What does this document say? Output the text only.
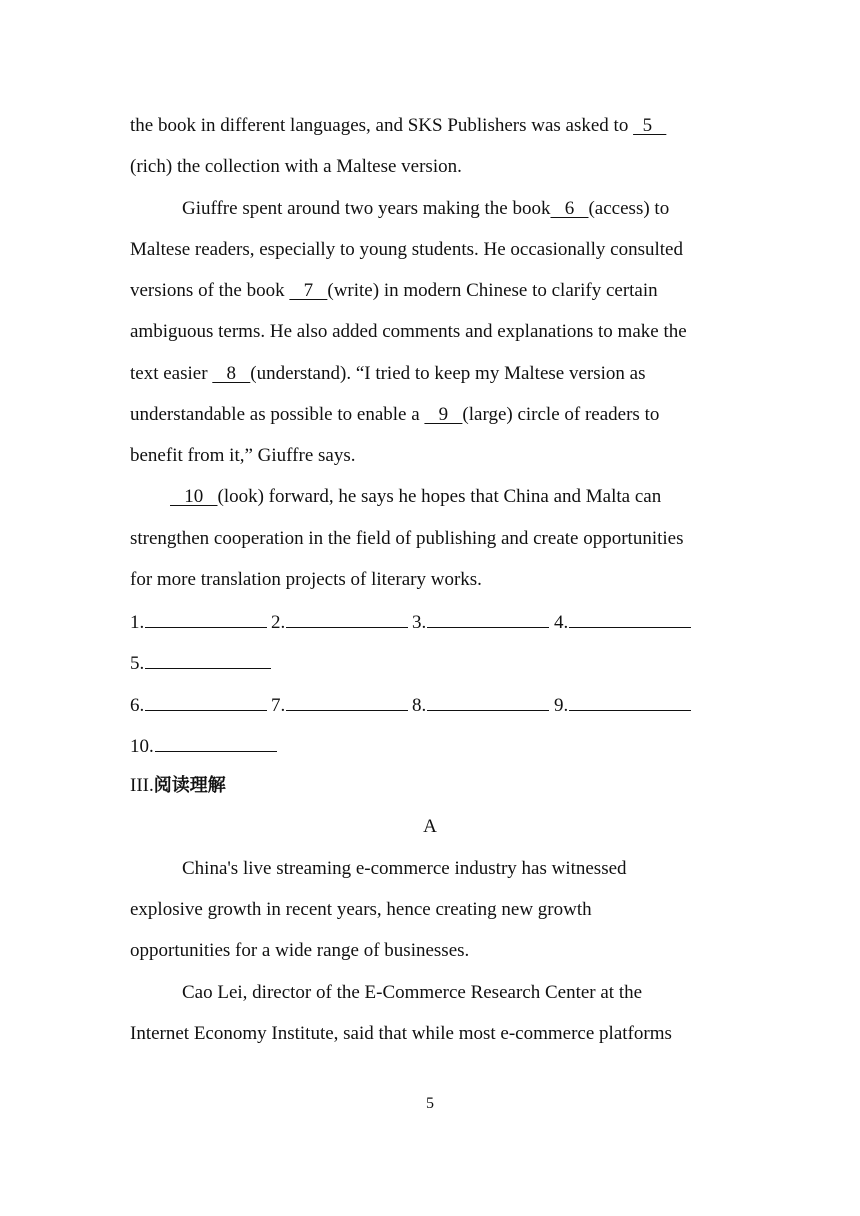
the book in different languages, and SKS Publishers was asked to   5
(rich) the collection with a Maltese version.
Giuffre spent around two years making the book   6   (access) to
Maltese readers, especially to young students. He occasionally consulted
versions of the book    7   (write) in modern Chinese to clarify certain
ambiguous terms. He also added comments and explanations to make the
text easier    8   (understand). “I tried to keep my Maltese version as
understandable as possible to enable a    9   (large) circle of readers to
benefit from it,” Giuffre says.
10   (look) forward, he says he hopes that China and Malta can
strengthen cooperation in the field of publishing and create opportunities
for more translation projects of literary works.
1.	2.	3.	4.
5.
6.	7.	8.	9.
10.
III.阅读理解
A
China's live streaming e-commerce industry has witnessed
explosive growth in recent years, hence creating new growth
opportunities for a wide range of businesses.
Cao Lei, director of the E-Commerce Research Center at the
Internet Economy Institute, said that while most e-commerce platforms
5
